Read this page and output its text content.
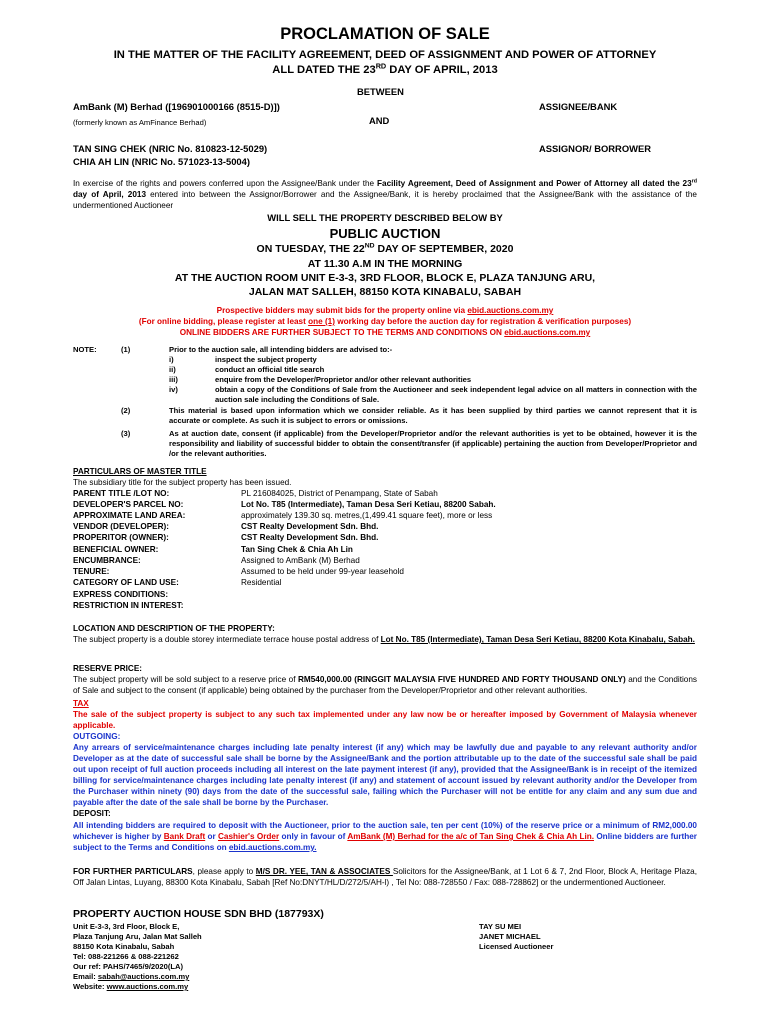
PROCLAMATION OF SALE
IN THE MATTER OF THE FACILITY AGREEMENT, DEED OF ASSIGNMENT AND POWER OF ATTORNEY
ALL DATED THE 23RD DAY OF APRIL, 2013
BETWEEN
AmBank (M) Berhad ([196901000166 (8515-D)])	ASSIGNEE/BANK
(formerly known as AmFinance Berhad)	AND
TAN SING CHEK (NRIC No. 810823-12-5029)
CHIA AH LIN (NRIC No. 571023-13-5004)
ASSIGNOR/ BORROWER
In exercise of the rights and powers conferred upon the Assignee/Bank under the Facility Agreement, Deed of Assignment and Power of Attorney all dated the 23rd day of April, 2013 entered into between the Assignor/Borrower and the Assignee/Bank, it is hereby proclaimed that the Assignee/Bank with the assistance of the undermentioned Auctioneer
WILL SELL THE PROPERTY DESCRIBED BELOW BY
PUBLIC AUCTION
ON TUESDAY, THE 22ND DAY OF SEPTEMBER, 2020
AT 11.30 A.M IN THE MORNING
AT THE AUCTION ROOM UNIT E-3-3, 3RD FLOOR, BLOCK E, PLAZA TANJUNG ARU,
JALAN MAT SALLEH, 88150 KOTA KINABALU, SABAH
Prospective bidders may submit bids for the property online via ebid.auctions.com.my
(For online bidding, please register at least one (1) working day before the auction day for registration & verification purposes)
ONLINE BIDDERS ARE FURTHER SUBJECT TO THE TERMS AND CONDITIONS ON ebid.auctions.com.my
NOTE:	(1)	Prior to the auction sale, all intending bidders are advised to:-
i)	inspect the subject property
ii)	conduct an official title search
iii)	enquire from the Developer/Proprietor and/or other relevant authorities
iv)	obtain a copy of the Conditions of Sale from the Auctioneer and seek independent legal advice on all matters in connection with the auction sale including the Conditions of Sale.
(2)	This material is based upon information which we consider reliable. As it has been supplied by third parties we cannot represent that it is accurate or complete. As such it is subject to errors or omissions.
(3)	As at auction date, consent (if applicable) from the Developer/Proprietor and/or the relevant authorities is yet to be obtained, however it is the responsibility and liability of successful bidder to obtain the consent/transfer (if applicable) pertaining the auction from Developer/Proprietor and /or the relevant authorities.
PARTICULARS OF MASTER TITLE
The subsidiary title for the subject property has been issued.
PARENT TITLE /LOT NO:	PL 216084025, District of Penampang, State of Sabah
DEVELOPER'S PARCEL NO:	Lot No. T85 (Intermediate), Taman Desa Seri Ketiau, 88200 Sabah.
APPROXIMATE LAND AREA:	approximately 139.30 sq. metres,(1,499.41 square feet), more or less
VENDOR (DEVELOPER):	CST Realty Development Sdn. Bhd.
PROPERITOR (OWNER):	CST Realty Development Sdn. Bhd.
BENEFICIAL OWNER:	Tan Sing Chek & Chia Ah Lin
ENCUMBRANCE:	Assigned to AmBank (M) Berhad
TENURE:	Assumed to be held under 99-year leasehold
CATEGORY OF LAND USE:	Residential
EXPRESS CONDITIONS:
RESTRICTION IN INTEREST:
LOCATION AND DESCRIPTION OF THE PROPERTY:
The subject property is a double storey intermediate terrace house postal address of Lot No. T85 (Intermediate), Taman Desa Seri Ketiau, 88200 Kota Kinabalu, Sabah.
RESERVE PRICE:
The subject property will be sold subject to a reserve price of RM540,000.00 (RINGGIT MALAYSIA FIVE HUNDRED AND FORTY THOUSAND ONLY) and the Conditions of Sale and subject to the consent (if applicable) being obtained by the purchaser from the Developer/Proprietor and other relevant authorities.
TAX
The sale of the subject property is subject to any such tax implemented under any law now be or hereafter imposed by Government of Malaysia whenever applicable.
OUTGOING:
Any arrears of service/maintenance charges including late penalty interest (if any) which may be lawfully due and payable to any relevant authority and/or Developer as at the date of successful sale shall be borne by the Assignee/Bank and the portion attributable up to the date of the successful sale shall be paid out upon receipt of full auction proceeds including all interest on the late payment interest (if any), provided that the Assignee/Bank is in receipt of the itemized billing for service/maintenance charges including late penalty interest (if any) and statement of account issued by relevant authority and/or the Developer from the Purchaser within ninety (90) days from the date of the successful sale, failing which the Purchaser will not be entitle for any claim and any sum due and payable after the date of the sale shall be borne by the Purchaser.
DEPOSIT:
All intending bidders are required to deposit with the Auctioneer, prior to the auction sale, ten per cent (10%) of the reserve price or a minimum of RM2,000.00 whichever is higher by Bank Draft or Cashier's Order only in favour of AmBank (M) Berhad for the a/c of Tan Sing Chek & Chia Ah Lin. Online bidders are further subject to the Terms and Conditions on ebid.auctions.com.my.
FOR FURTHER PARTICULARS, please apply to M/S DR. YEE, TAN & ASSOCIATES Solicitors for the Assignee/Bank, at 1 Lot 6 & 7, 2nd Floor, Block A, Heritage Plaza, Off Jalan Lintas, Luyang, 88300 Kota Kinabalu, Sabah [Ref No:DNYT/HL/D/272/5/AH-l) , Tel No: 088-728550 / Fax: 088-728862] or the undermentioned Auctioneer.
PROPERTY AUCTION HOUSE SDN BHD (187793X)
Unit E-3-3, 3rd Floor, Block E,
Plaza Tanjung Aru, Jalan Mat Salleh
88150 Kota Kinabalu, Sabah
Tel: 088-221266 & 088-221262
Our ref: PAHS/7465/9/2020(LA)
Email: sabah@auctions.com.my
Website: www.auctions.com.my
TAY SU MEI
JANET MICHAEL
Licensed Auctioneer
